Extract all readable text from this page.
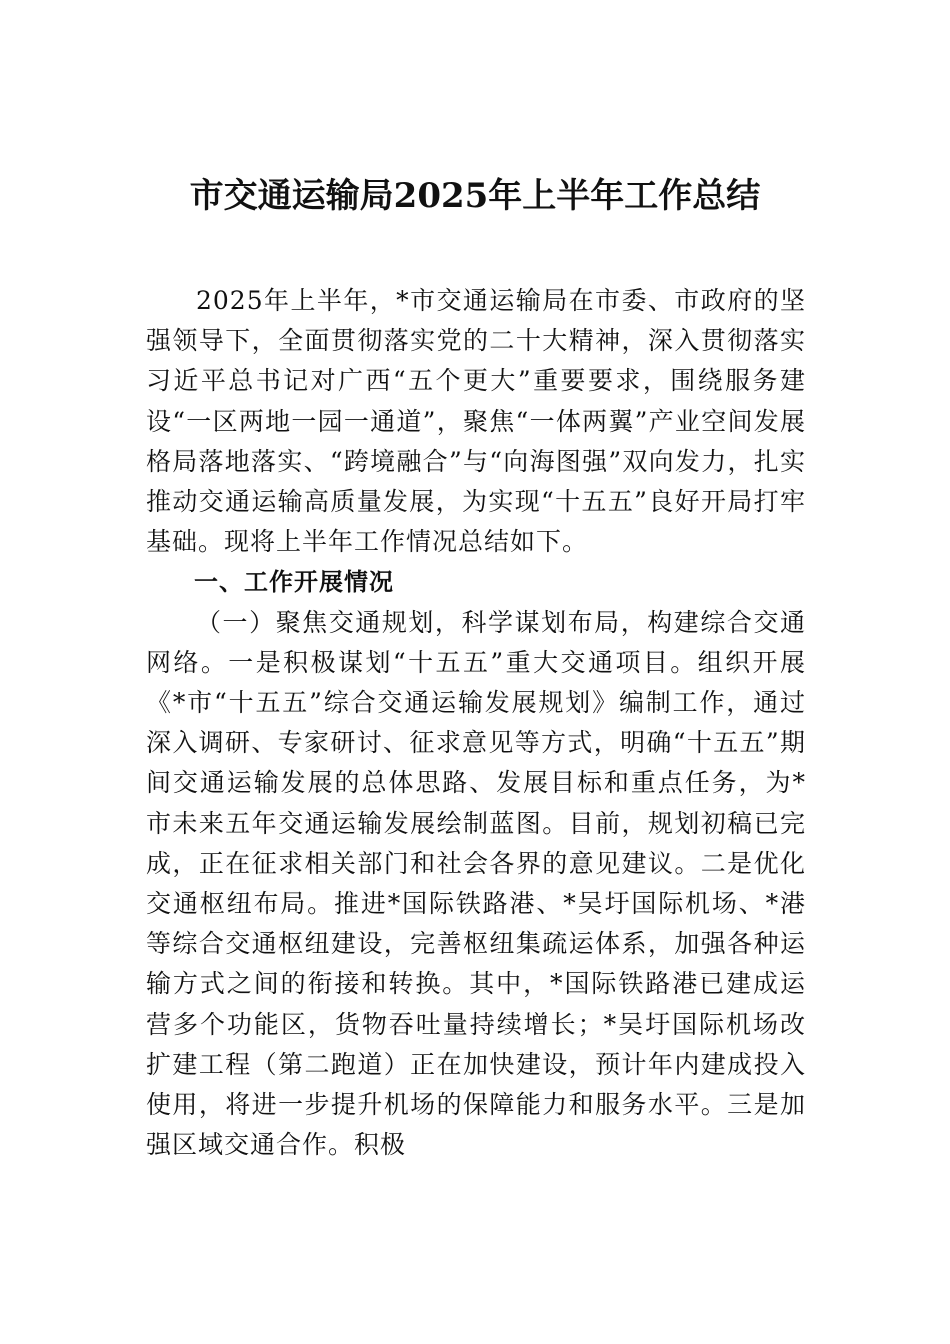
市交通运输局2025年上半年工作总结

2025年上半年，*市交通运输局在市委、市政府的坚强领导下，全面贯彻落实党的二十大精神，深入贯彻落实习近平总书记对广西“五个更大”重要要求，围绕服务建设“一区两地一园一通道”，聚焦“一体两翼”产业空间发展格局落地落实、“跨境融合”与“向海图强”双向发力，扎实推动交通运输高质量发展，为实现“十五五”良好开局打牢基础。现将上半年工作情况总结如下。

一、工作开展情况

（一）聚焦交通规划，科学谋划布局，构建综合交通网络。一是积极谋划“十五五”重大交通项目。组织开展《*市“十五五”综合交通运输发展规划》编制工作，通过深入调研、专家研讨、征求意见等方式，明确“十五五”期间交通运输发展的总体思路、发展目标和重点任务，为*市未来五年交通运输发展绘制蓝图。目前，规划初稿已完成，正在征求相关部门和社会各界的意见建议。二是优化交通枢纽布局。推进*国际铁路港、*吴圩国际机场、*港等综合交通枢纽建设，完善枢纽集疏运体系，加强各种运输方式之间的衔接和转换。其中，*国际铁路港已建成运营多个功能区，货物吞吐量持续增长；*吴圩国际机场改扩建工程（第二跑道）正在加快建设，预计年内建成投入使用，将进一步提升机场的保障能力和服务水平。三是加强区域交通合作。积极
